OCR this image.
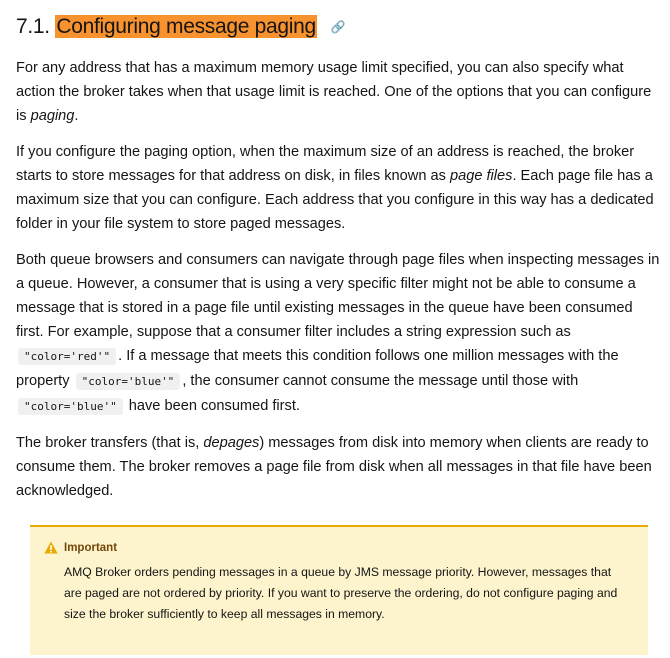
7.1. Configuring message paging 🔗

For any address that has a maximum memory usage limit specified, you can also specify what action the broker takes when that usage limit is reached. One of the options that you can configure is paging.

If you configure the paging option, when the maximum size of an address is reached, the broker starts to store messages for that address on disk, in files known as page files. Each page file has a maximum size that you can configure. Each address that you configure in this way has a dedicated folder in your file system to store paged messages.

Both queue browsers and consumers can navigate through page files when inspecting messages in a queue. However, a consumer that is using a very specific filter might not be able to consume a message that is stored in a page file until existing messages in the queue have been consumed first. For example, suppose that a consumer filter includes a string expression such as "color='red'" . If a message that meets this condition follows one million messages with the property "color='blue'" , the consumer cannot consume the message until those with "color='blue'" have been consumed first.

The broker transfers (that is, depages) messages from disk into memory when clients are ready to consume them. The broker removes a page file from disk when all messages in that file have been acknowledged.

Important
AMQ Broker orders pending messages in a queue by JMS message priority. However, messages that are paged are not ordered by priority. If you want to preserve the ordering, do not configure paging and size the broker sufficiently to keep all messages in memory.
